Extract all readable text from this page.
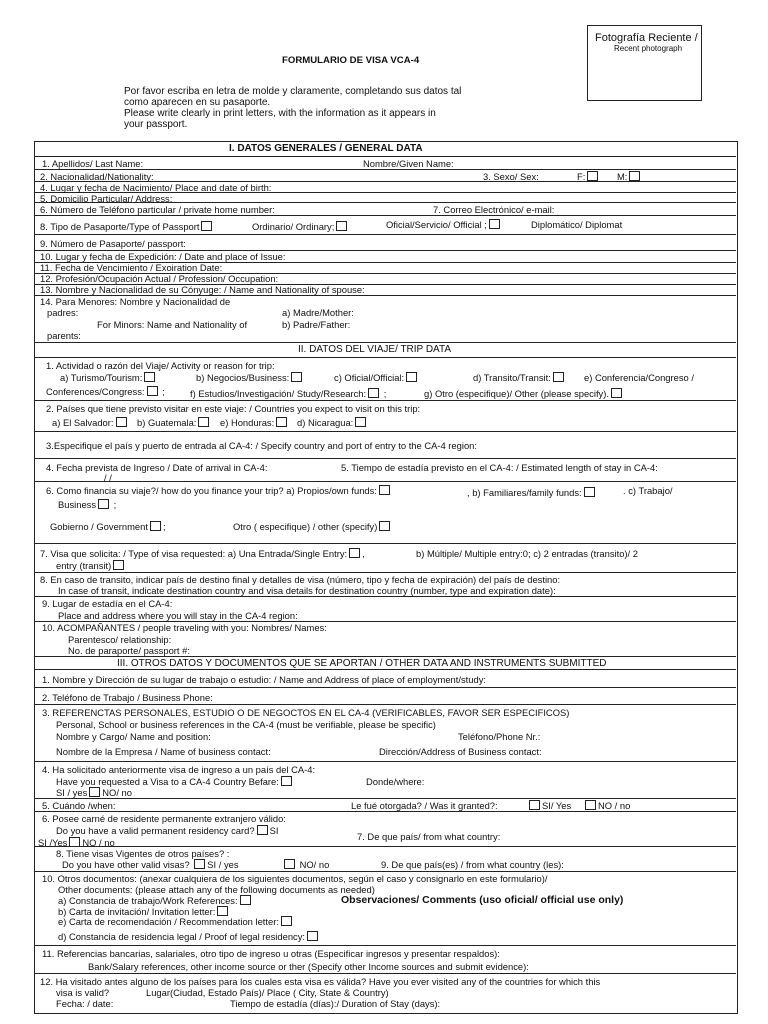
Fotografía Reciente /
Recent photograph
FORMULARIO DE VISA VCA-4
Por favor escriba en letra de molde y claramente, completando sus datos tal
como aparecen en su pasaporte.
Please write clearly in print letters, with the information as it appears in
your passport.
I. DATOS GENERALES / GENERAL DATA
1. Apellidos/ Last Name:	Nombre/Given Name:
2. Nacionalidad/Nationality:	3. Sexo/ Sex:	F:	M:
4. Lugar y fecha de Nacimiento/ Place and date of birth:
5. Domicilio Particular/ Address:
6. Número de Teléfono particular / private home number:	7. Correo Electrónico/ e-mail:
8. Tipo de Pasaporte/Type of Passport	Ordinario/ Ordinary;	Oficial/Servicio/ Official ;	Diplomático/ Diplomat
9. Número de Pasaporte/ passport:
10. Lugar y fecha de Expedición: / Date and place of Issue:
11. Fecha de Vencimiento / Exoiration Date:
12. Profesión/Ocupación Actual / Profession/ Occupation:
13. Nombre y Nacionalidad de su Cónyuge: / Name and Nationality of spouse:
14. Para Menores: Nombre y Nacionalidad de
padres:	a) Madre/Mother:
For Minors: Name and Nationality of	b) Padre/Father:
parents:
II. DATOS DEL VIAJE/ TRIP DATA
1. Actividad o razón del Viaje/ Activity or reason for trip:
a) Turismo/Tourism:	b) Negocios/Business:	c) Oficial/Official:	d) Transito/Transit:	e) Conferencia/Congreso /
Conferences/Congress: ;	f) Estudios/Investigación/ Study/Research: ;	g) Otro (especifique)/ Other (please specify).
2. Países que tiene previsto visitar en este viaje: / Countries you expect to visit on this trip:
a) El Salvador:	b) Guatemala:	e) Honduras:	d) Nicaragua:
3.Especifique el país y puerto de entrada al CA-4: / Specify country and port of entry to the CA-4 region:
4. Fecha prevista de Ingreso / Date of arrival in CA-4:	5. Tiempo de estadía previsto en el CA-4: / Estimated length of stay in CA-4:
/ /
6. Como financia su viaje?/ how do you finance your trip? a) Propios/own funds:	, b) Familiares/family funds:	. c) Trabajo/
Business ;
Gobierno / Government ;	Otro ( especifique) / other (specify)
7. Visa que solicita: / Type of visa requested: a) Una Entrada/Single Entry: ,	b) Múltiple/ Multiple entry:0; c) 2 entradas (transito)/ 2
entry (transit)
8. En caso de transito, indicar país de destino final y detalles de visa (número, tipo y fecha de expiración) del país de destino:
In case of transit, indicate destination country and visa details for destination country (number, type and expiration date):
9. Lugar de estadía en el CA-4:
Place and address where you will stay in the CA-4 region:
10. ACOMPAÑANTES / people traveling with you: Nombres/ Names:
Parentesco/ relationship:
No. de paraporte/ passport #:
III. OTROS DATOS Y DOCUMENTOS QUE SE APORTAN / OTHER DATA AND INSTRUMENTS SUBMITTED
1. Nombre y Dirección de su lugar de trabajo o estudio: / Name and Address of place of employment/study:
2. Teléfono de Trabajo / Business Phone:
3. REFERENCTAS PERSONALES, ESTUDIO O DE NEGOCTOS EN EL CA-4 (VERIFICABLES, FAVOR SER ESPECIFICOS)
Personal, School or business references in the CA-4 (must be verifiable, please be specific)
Nombre y Cargo/ Name and position:	Teléfono/Phone Nr.:
Nombre de la Empresa / Name of business contact:	Dirección/Address of Business contact:
4. Ha solicitado anteriormente visa de ingreso a un país del CA-4:
Have you requested a Visa to a CA-4 Country Befare:	Donde/where:
SI / yes NO/ no
5. Cuándo /when:	Le fué otorgada? / Was it granted?:	SI/ Yes	NO / no
6. Posee carné de residente permanente extranjero válido:
Do you have a valid permanent residency card? SI
7. De que país/ from what country:
SI /Yes NO / no
8. Tiene visas Vigentes de otros países? :
Do you have other valid visas? SI / yes	NO/ no	9. De que país(es) / from what country (les):
10. Otros documentos: (anexar cualquiera de los siguientes documentos, según el caso y consignarlo en este formulario)/
Other documents: (please attach any of the following documents as needed)
a) Constancia de trabajo/Work References:	Observaciones/ Comments (uso oficial/ official use only)
b) Carta de invitación/ Invitation letter:
e) Carta de recomendación / Recommendation letter:
d) Constancia de residencia legal / Proof of legal residency:
11. Referencias bancarias, salariales, otro tipo de ingreso u otras (Especificar ingresos y presentar respaldos):
Bank/Salary references, other income source or ther (Specify other Income sources and submit evidence):
12. Ha visitado antes alguno de los países para los cuales esta visa es válida? Have you ever visited any of the countries for which this
visa is valid?	Lugar(Ciudad, Estado País)/ Place ( City, State & Country)
Fecha: / date:	Tiempo de estadía (días):/ Duration of Stay (days):
